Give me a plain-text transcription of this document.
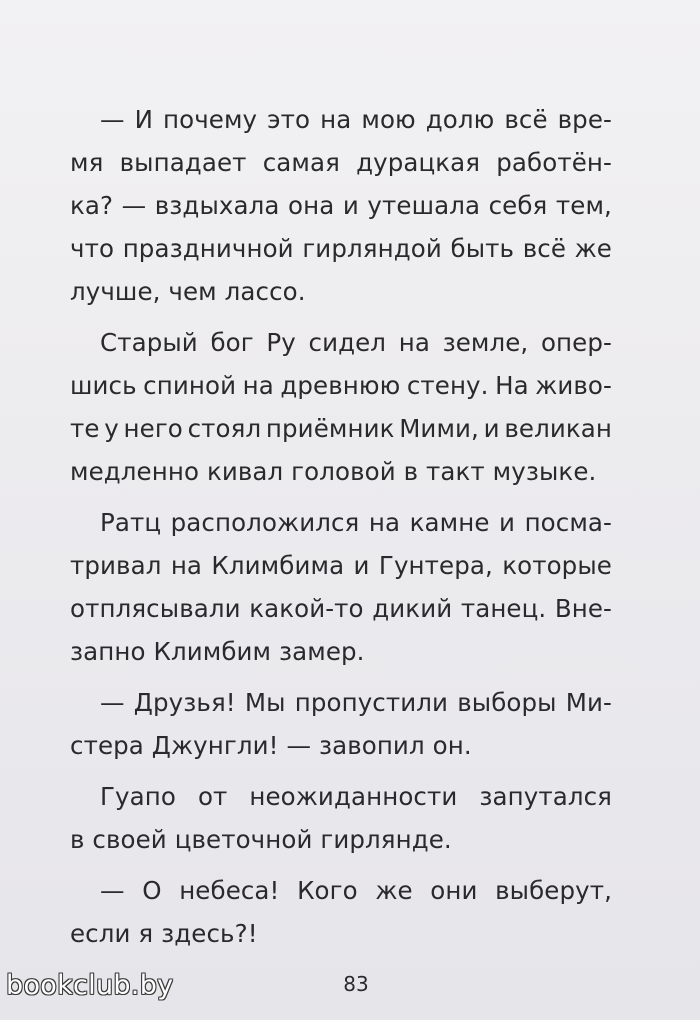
— И почему это на мою долю всё вре-
мя выпадает самая дурацкая работён-
ка? — вздыхала она и утешала себя тем,
что праздничной гирляндой быть всё же
лучше, чем лассо.
Старый бог Ру сидел на земле, опер-
шись спиной на древнюю стену. На живо-
те у него стоял приёмник Мими, и великан
медленно кивал головой в такт музыке.
Ратц расположился на камне и посма-
тривал на Климбима и Гунтера, которые
отплясывали какой-то дикий танец. Вне-
запно Климбим замер.
— Друзья! Мы пропустили выборы Ми-
стера Джунгли! — завопил он.
Гуапо от неожиданности запутался
в своей цветочной гирлянде.
— О небеса! Кого же они выберут,
если я здесь?!
83
bookclub.by
